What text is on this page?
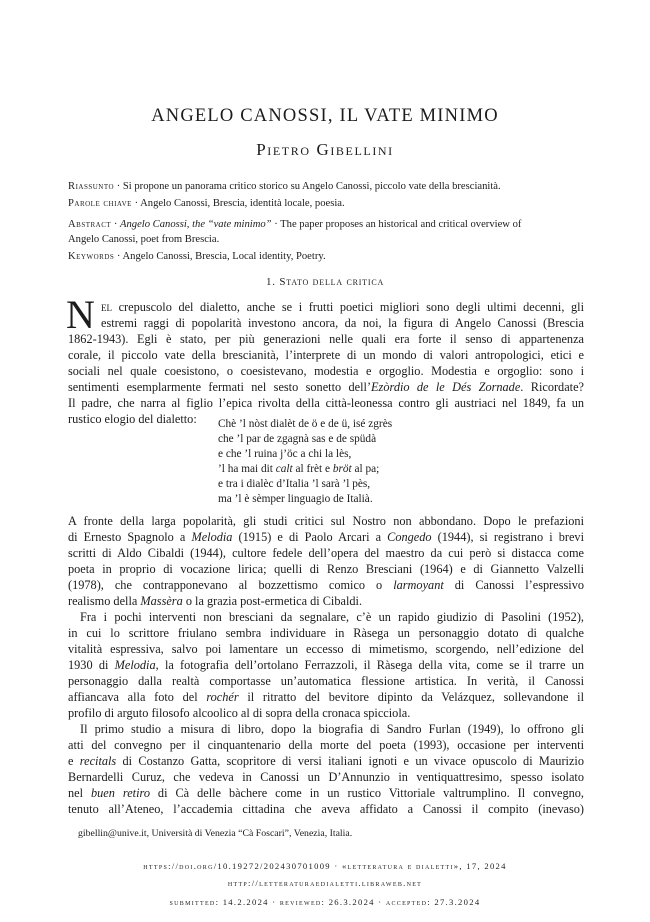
ANGELO CANOSSI, IL VATE MINIMO
Pietro Gibellini
Riassunto · Si propone un panorama critico storico su Angelo Canossi, piccolo vate della brescianità.
Parole chiave · Angelo Canossi, Brescia, identità locale, poesia.
Abstract · Angelo Canossi, the “vate minimo” · The paper proposes an historical and critical overview of
Angelo Canossi, poet from Brescia.
Keywords · Angelo Canossi, Brescia, Local identity, Poetry.
1. Stato della critica
N el crepuscolo del dialetto, anche se i frutti poetici migliori sono degli ultimi decenni, gli
estremi raggi di popolarità investono ancora, da noi, la figura di Angelo Canossi (Brescia
1862-1943). Egli è stato, per più generazioni nelle quali era forte il senso di appartenenza
corale, il piccolo vate della brescianità, l’interprete di un mondo di valori antropologici, etici e
sociali nel quale coesistono, o coesistevano, modestia e orgoglio. Modestia e orgoglio: sono i
sentimenti esemplarmente fermati nel sesto sonetto dell’Ezòrdio de le Dés Zornade. Ricordate?
Il padre, che narra al figlio l’epica rivolta della città-leonessa contro gli austriaci nel 1849, fa un
rustico elogio del dialetto:	Chè ’l nòst dialèt de ö e de ü, isé zgrès
che ’l par de zgagnà sas e de spüdà
e che ’l ruina j’öc a chi la lès,
’l ha mai dit calt al frèt e bröt al pa;
e tra i dialèc d’Italia ’l sarà ’l pès,
ma ’l è sèmper linguagio de Italià.
A fronte della larga popolarità, gli studi critici sul Nostro non abbondano. Dopo le prefazioni
di Ernesto Spagnolo a Melodia (1915) e di Paolo Arcari a Congedo (1944), si registrano i brevi
scritti di Aldo Cibaldi (1944), cultore fedele dell’opera del maestro da cui però si distacca come
poeta in proprio di vocazione lirica; quelli di Renzo Bresciani (1964) e di Giannetto Valzelli
(1978), che contrapponevano al bozzettismo comico o larmoyant di Canossi l’espressivo
realismo della Massèra o la grazia post-ermetica di Cibaldi.
Fra i pochi interventi non bresciani da segnalare, c’è un rapido giudizio di Pasolini (1952),
in cui lo scrittore friulano sembra individuare in Ràsega un personaggio dotato di qualche
vitalità espressiva, salvo poi lamentare un eccesso di mimetismo, scorgendo, nell’edizione del
1930 di Melodia, la fotografia dell’ortolano Ferrazzoli, il Ràsega della vita, come se il trarre un
personaggio dalla realtà comportasse un’automatica flessione artistica. In verità, il Canossi
affiancava alla foto del rochér il ritratto del bevitore dipinto da Velázquez, sollevandone il
profilo di arguto filosofo alcoolico al di sopra della cronaca spicciola.
Il primo studio a misura di libro, dopo la biografia di Sandro Furlan (1949), lo offrono gli
atti del convegno per il cinquantenario della morte del poeta (1993), occasione per interventi
e recitals di Costanzo Gatta, scopritore di versi italiani ignoti e un vivace opuscolo di Maurizio
Bernardelli Curuz, che vedeva in Canossi un D’Annunzio in ventiquattresimo, spesso isolato
nel buen retiro di Cà delle bàchere come in un rustico Vittoriale valtrumplino. Il convegno,
tenuto all’Ateneo, l’accademia cittadina che aveva affidato a Canossi il compito (inevaso)
gibellin@unive.it, Università di Venezia “Cà Foscari”, Venezia, Italia.
https://doi.org/10.19272/202430701009 · «letteratura e dialetti», 17, 2024
http://letteraturaedialetti.libraweb.net
submitted: 14.2.2024 · reviewed: 26.3.2024 · accepted: 27.3.2024
